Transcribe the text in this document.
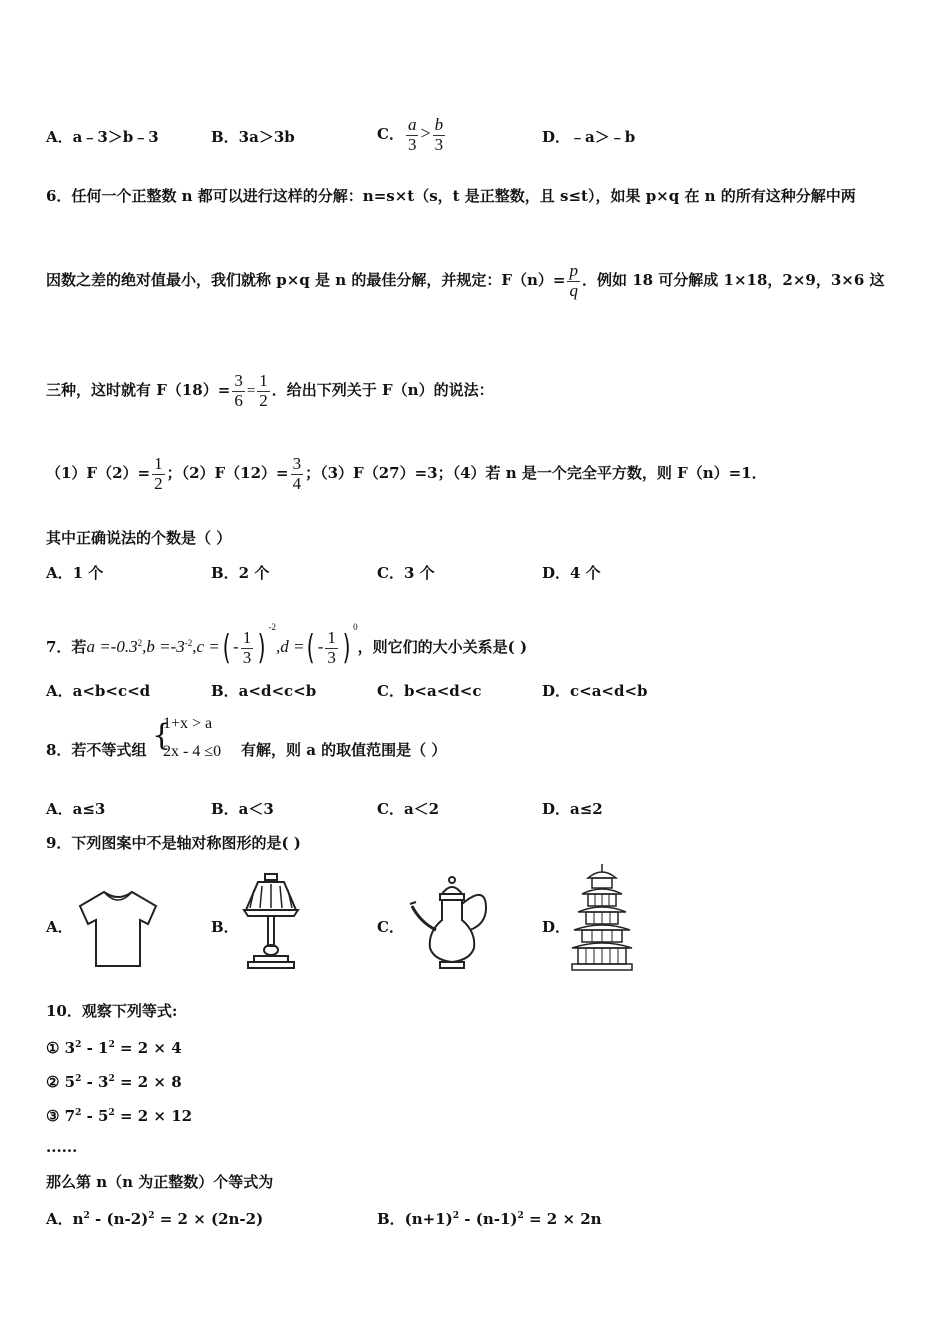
A．a﹣3＞b﹣3	B．3a＞3b	C． $\frac{a}{3} > \frac{b}{3}$	D．﹣a＞﹣b
6．任何一个正整数 n 都可以进行这样的分解：n=s×t（s，t 是正整数，且 s≤t），如果 p×q 在 n 的所有这种分解中两
因数之差的绝对值最小，我们就称 p×q 是 n 的最佳分解，并规定：$F(n)= \frac{p}{q}$ ．例如 18 可分解成 1×18，2×9，3×6 这
三种，这时就有 $F(18)= \frac{3}{6} = \frac{1}{2}$ ．给出下列关于 F（n）的说法：
$(1)F(2)= \frac{1}{2}$ ；$(2)F(12)= \frac{3}{4}$ ；（3）F（27）=3；（4）若 n 是一个完全平方数，则 F（n）=1．
其中正确说法的个数是（ ）
A．1 个	B．2 个	C．3 个	D．4 个
7．若$a =-0.3^2,b =-3^{-2},c$ =( - $\frac{1}{3} )^{-2},d$ =( - $\frac{1}{3} )^0$，则它们的大小关系是( )
A．a<b<c<d	B．a<d<c<b	C．b<a<d<c	D．c<a<d<b
8．若不等式组 {
1+x > a
2x - 4 ≤0 有解，则 a 的取值范围是（ ）
A．a≤3	B．a＜3	C．a＜2	D．a≤2
9．下列图案中不是轴对称图形的是( )
A．	B．	C．	D．
10．观察下列等式:
① $3^2 - 1^2 = 2 \times 4$
② $5^2 - 3^2 = 2 \times 8$
③ $7^2 - 5^2 = 2 \times 12$
......
那么第 n（n 为正整数）个等式为
A．$n^2 - (n-2)^2 = 2 \times (2n-2)$	B．$(n+1)^2 - (n-1)^2 = 2 \times 2n$
